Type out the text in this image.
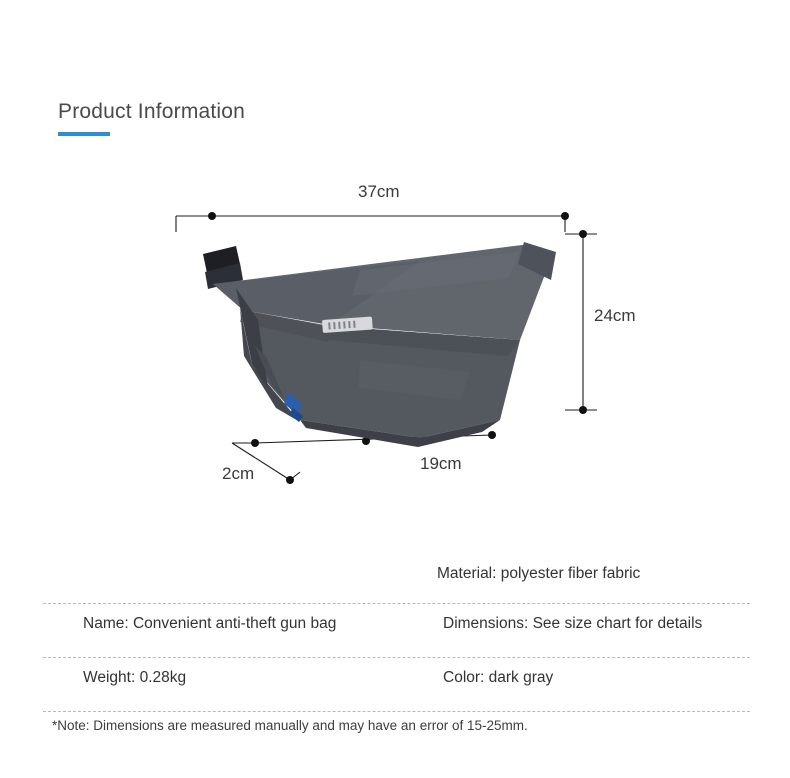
Product Information
37cm
24cm
19cm
2cm
Material: polyester fiber fabric
Name: Convenient anti-theft gun bag	Dimensions: See size chart for details
Weight: 0.28kg	Color: dark gray
*Note: Dimensions are measured manually and may have an error of 15-25mm.
